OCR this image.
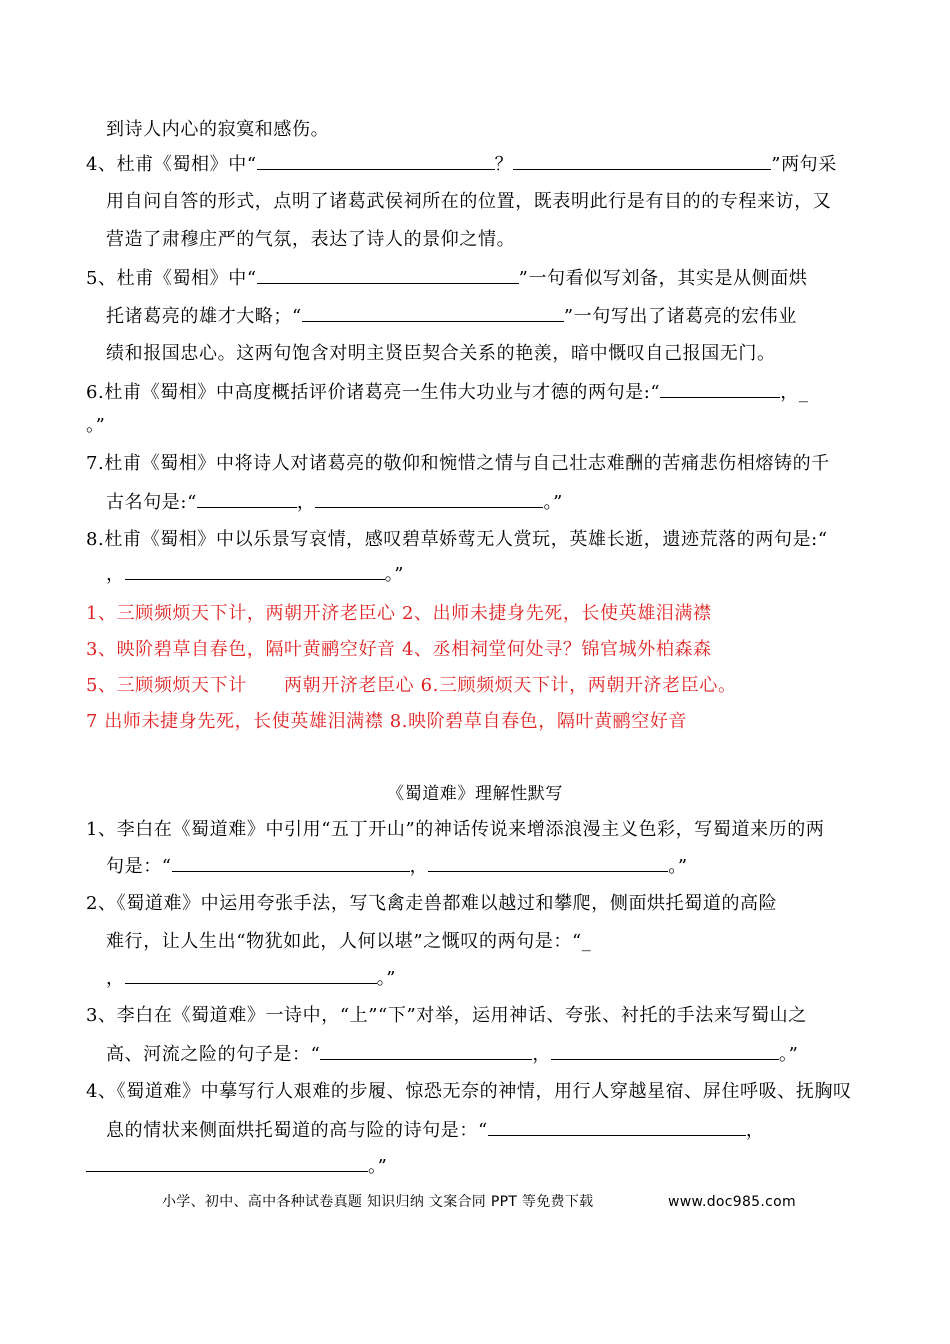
到诗人内心的寂寞和感伤。
4、杜甫《蜀相》中“	？	”两句采
用自问自答的形式，点明了诸葛武侯祠所在的位置，既表明此行是有目的的专程来访，又
营造了肃穆庄严的气氛，表达了诗人的景仰之情。
5、杜甫《蜀相》中“	”一句看似写刘备，其实是从侧面烘
托诸葛亮的雄才大略；“	”一句写出了诸葛亮的宏伟业
绩和报国忠心。这两句饱含对明主贤臣契合关系的艳羡，暗中慨叹自己报国无门。
6.杜甫《蜀相》中高度概括评价诸葛亮一生伟大功业与才德的两句是:“	，_
。”
7.杜甫《蜀相》中将诗人对诸葛亮的敬仰和惋惜之情与自己壮志难酬的苦痛悲伤相熔铸的千
古名句是:“	，	。”
8.杜甫《蜀相》中以乐景写哀情，感叹碧草娇莺无人赏玩，英雄长逝，遗迹荒落的两句是:“
，	。”
1、三顾频烦天下计，两朝开济老臣心 2、出师未捷身先死，长使英雄泪满襟
3、映阶碧草自春色，隔叶黄鹂空好音 4、丞相祠堂何处寻？锦官城外柏森森
5、三顾频烦天下计　　两朝开济老臣心 6.三顾频烦天下计，两朝开济老臣心。
7 出师未捷身先死，长使英雄泪满襟 8.映阶碧草自春色，隔叶黄鹂空好音
《蜀道难》理解性默写
1、李白在《蜀道难》中引用“五丁开山”的神话传说来增添浪漫主义色彩，写蜀道来历的两
句是：“	，	。”
2、《蜀道难》中运用夸张手法，写飞禽走兽都难以越过和攀爬，侧面烘托蜀道的高险
难行，让人生出“物犹如此，人何以堪”之慨叹的两句是：“_
，	。”
3、李白在《蜀道难》一诗中，“上”“下”对举，运用神话、夸张、衬托的手法来写蜀山之
高、河流之险的句子是：“	，	。”
4、《蜀道难》中摹写行人艰难的步履、惊恐无奈的神情，用行人穿越星宿、屏住呼吸、抚胸叹
息的情状来侧面烘托蜀道的高与险的诗句是：“	，
。”
小学、初中、高中各种试卷真题 知识归纳 文案合同 PPT 等免费下载	www.doc985.com
